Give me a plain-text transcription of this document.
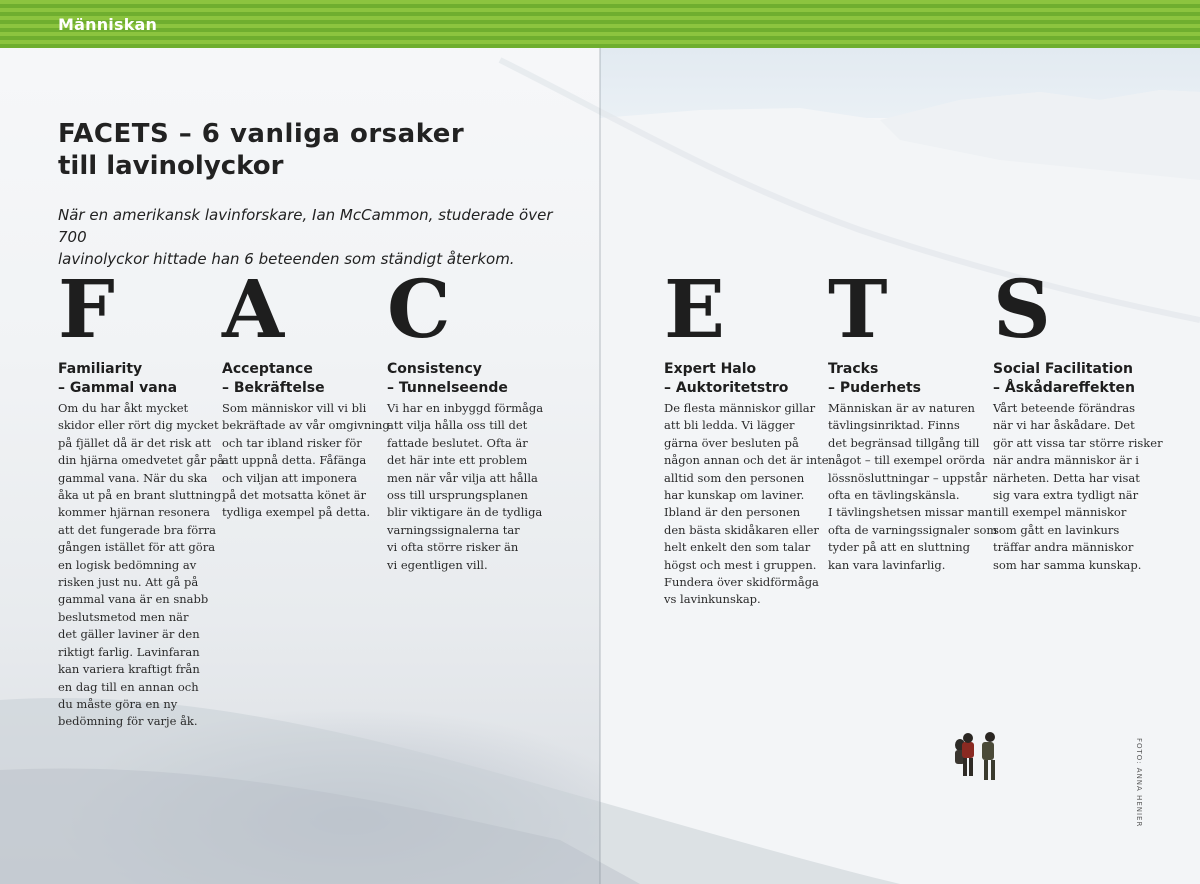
Människan
FACETS – 6 vanliga orsaker
till lavinolyckor
När en amerikansk lavinforskare, Ian McCammon, studerade över 700
lavinolyckor hittade han 6 beteenden som ständigt återkom.
F
Familiarity
– Gammal vana
Om du har åkt mycket
skidor eller rört dig mycket
på fjället då är det risk att
din hjärna omedvetet går på
gammal vana. När du ska
åka ut på en brant sluttning
kommer hjärnan resonera
att det fungerade bra förra
gången istället för att göra
en logisk bedömning av
risken just nu. Att gå på
gammal vana är en snabb
beslutsmetod men när
det gäller laviner är den
riktigt farlig. Lavinfaran
kan variera kraftigt från
en dag till en annan och
du måste göra en ny
bedömning för varje åk.
A
Acceptance
– Bekräftelse
Som människor vill vi bli
bekräftade av vår omgivning
och tar ibland risker för
att uppnå detta. Fåfänga
och viljan att imponera
på det motsatta könet är
tydliga exempel på detta.
C
Consistency
– Tunnelseende
Vi har en inbyggd förmåga
att vilja hålla oss till det
fattade beslutet. Ofta är
det här inte ett problem
men när vår vilja att hålla
oss till ursprungsplanen
blir viktigare än de tydliga
varningssignalerna tar
vi ofta större risker än
vi egentligen vill.
E
Expert Halo
– Auktoritetstro
De flesta människor gillar
att bli ledda. Vi lägger
gärna över besluten på
någon annan och det är inte
alltid som den personen
har kunskap om laviner.
Ibland är den personen
den bästa skidåkaren eller
helt enkelt den som talar
högst och mest i gruppen.
Fundera över skidförmåga
vs lavinkunskap.
T
Tracks
– Puderhets
Människan är av naturen
tävlingsinriktad. Finns
det begränsad tillgång till
något – till exempel orörda
lössnösluttningar – uppstår
ofta en tävlingskänsla.
I tävlingshetsen missar man
ofta de varningssignaler som
tyder på att en sluttning
kan vara lavinfarlig.
S
Social Facilitation
– Åskådareffekten
Vårt beteende förändras
när vi har åskådare. Det
gör att vissa tar större risker
när andra människor är i
närheten. Detta har visat
sig vara extra tydligt när
till exempel människor
som gått en lavinkurs
träffar andra människor
som har samma kunskap.
FOTO: ANNA HENIER
